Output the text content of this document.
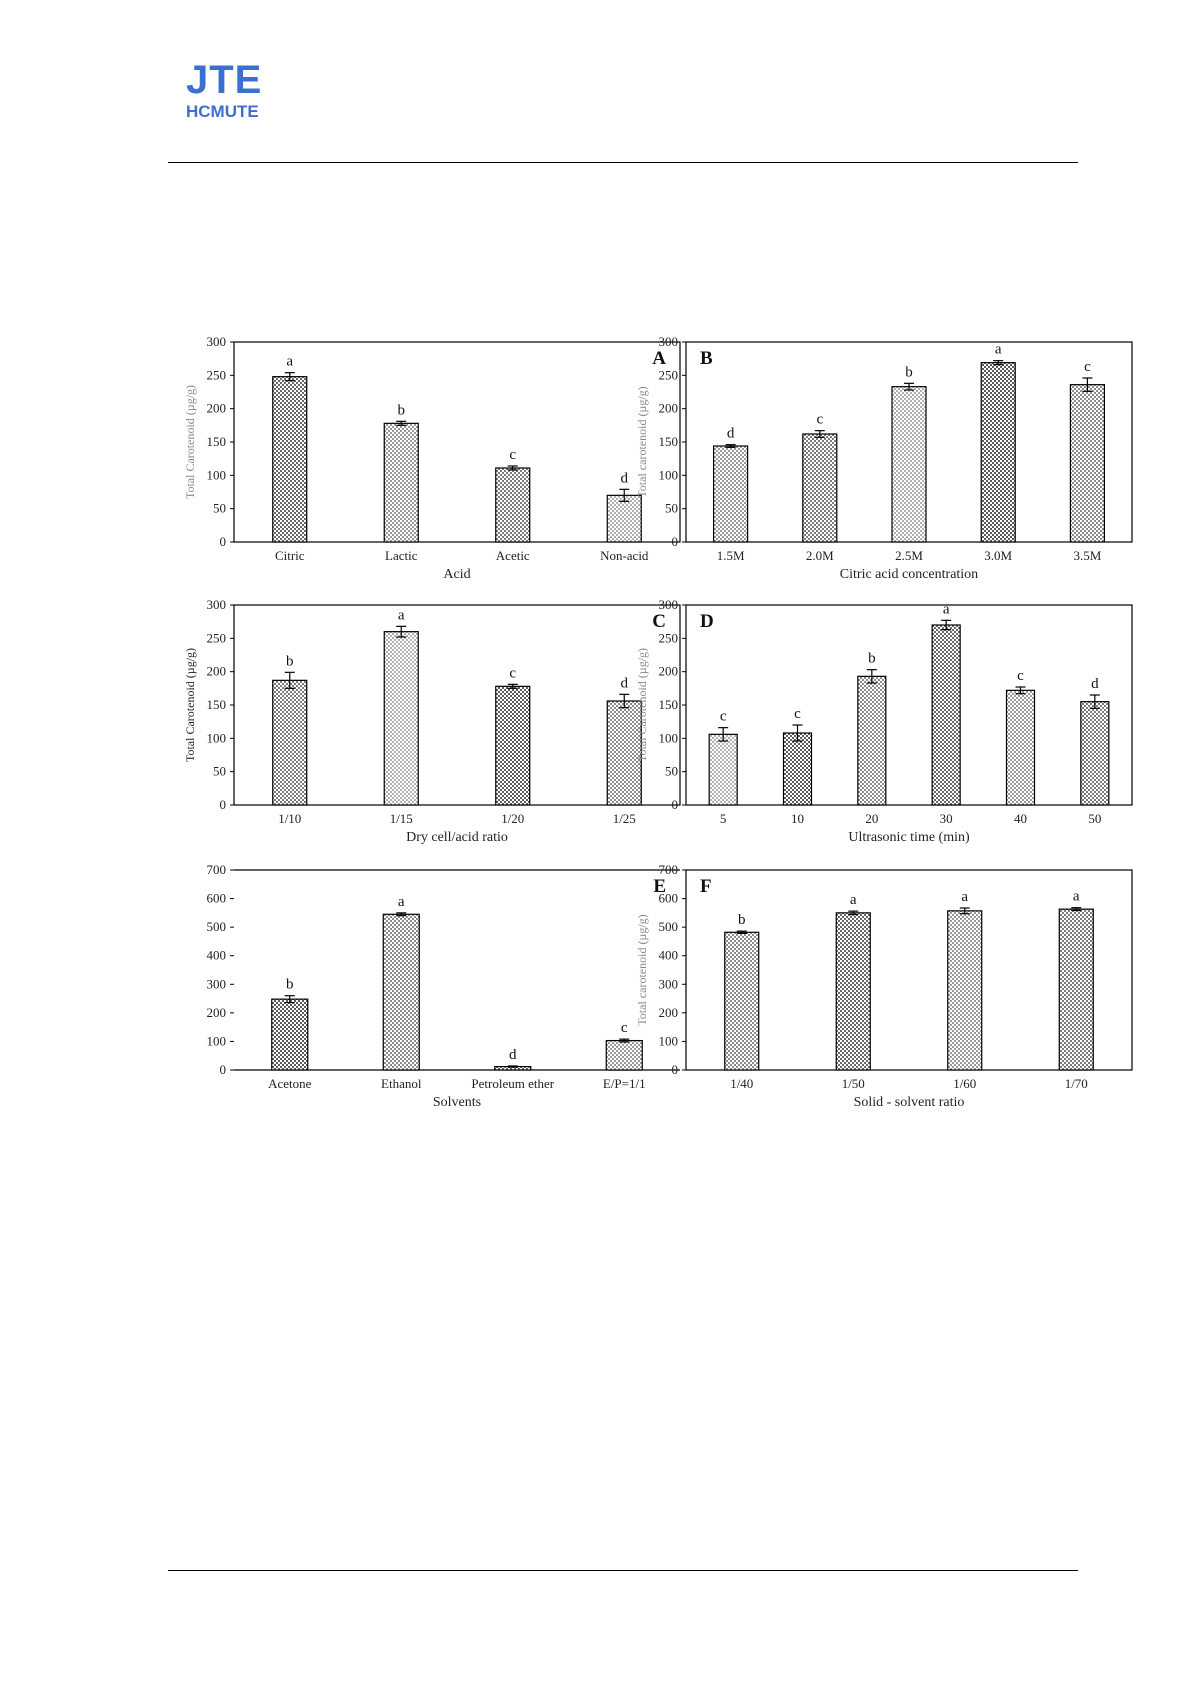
JTE
HCMUTE
0
50
100
150
200
250
300
a
Citric
b
Lactic
c
Acetic
d
Non-acid
Acid
Total Carotenoid (µg/g)
A
0
50
100
150
200
250
300
d
1.5M
c
2.0M
b
2.5M
a
3.0M
c
3.5M
Citric acid concentration
Total carotenoid (µg/g)
B
0
50
100
150
200
250
300
b
1/10
a
1/15
c
1/20
d
1/25
Dry cell/acid ratio
Total Carotenoid (µg/g)
C
0
50
100
150
200
250
300
c
5
c
10
b
20
a
30
c
40
d
50
Ultrasonic time (min)
Total Carotenoid (µg/g)
D
0
100
200
300
400
500
600
700
b
Acetone
a
Ethanol
d
Petroleum ether
c
E/P=1/1
Solvents
E
0
100
200
300
400
500
600
700
b
1/40
a
1/50
a
1/60
a
1/70
Solid - solvent ratio
Total carotenoid (µg/g)
F
